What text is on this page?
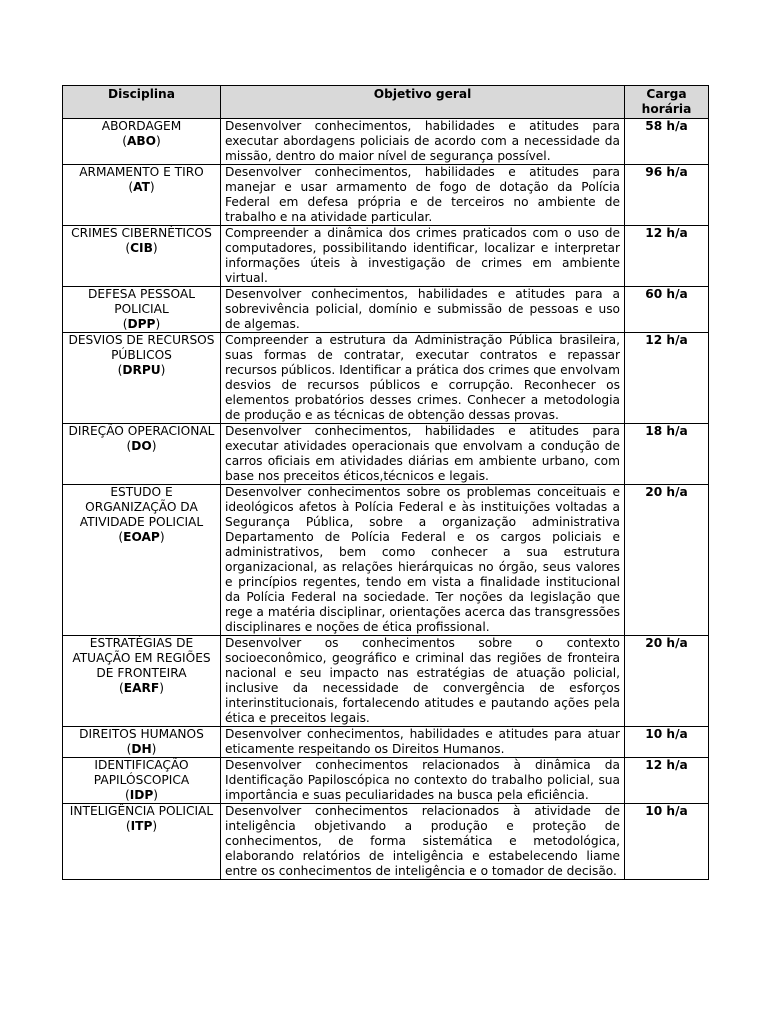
Disciplina	Objetivo geral	Carga horária

ABORDAGEM
(ABO)	Desenvolver conhecimentos, habilidades e atitudes para executar abordagens policiais de acordo com a necessidade da missão, dentro do maior nível de segurança possível.	58 h/a

ARMAMENTO E TIRO
(AT)	Desenvolver conhecimentos, habilidades e atitudes para manejar e usar armamento de fogo de dotação da Polícia Federal em defesa própria e de terceiros no ambiente de trabalho e na atividade particular.	96 h/a

CRIMES CIBERNÉTICOS
(CIB)	Compreender a dinâmica dos crimes praticados com o uso de computadores, possibilitando identificar, localizar e interpretar informações úteis à investigação de crimes em ambiente virtual.	12 h/a

DEFESA PESSOAL POLICIAL
(DPP)	Desenvolver conhecimentos, habilidades e atitudes para a sobrevivência policial, domínio e submissão de pessoas e uso de algemas.	60 h/a

DESVIOS DE RECURSOS PÚBLICOS
(DRPU)	Compreender a estrutura da Administração Pública brasileira, suas formas de contratar, executar contratos e repassar recursos públicos. Identificar a prática dos crimes que envolvam desvios de recursos públicos e corrupção. Reconhecer os elementos probatórios desses crimes. Conhecer a metodologia de produção e as técnicas de obtenção dessas provas.	12 h/a

DIREÇÃO OPERACIONAL
(DO)	Desenvolver conhecimentos, habilidades e atitudes para executar atividades operacionais que envolvam a condução de carros oficiais em atividades diárias em ambiente urbano, com base nos preceitos éticos,técnicos e legais.	18 h/a

ESTUDO E ORGANIZAÇÃO DA ATIVIDADE POLICIAL
(EOAP)	Desenvolver conhecimentos sobre os problemas conceituais e ideológicos afetos à Polícia Federal e às instituições voltadas a Segurança Pública, sobre a organização administrativa Departamento de Polícia Federal e os cargos policiais e administrativos, bem como conhecer a sua estrutura organizacional, as relações hierárquicas no órgão, seus valores e princípios regentes, tendo em vista a finalidade institucional da Polícia Federal na sociedade. Ter noções da legislação que rege a matéria disciplinar, orientações acerca das transgressões disciplinares e noções de ética profissional.	20 h/a

ESTRATÉGIAS DE ATUAÇÃO EM REGIÕES DE FRONTEIRA
(EARF)	Desenvolver os conhecimentos sobre o contexto socioeconômico, geográfico e criminal das regiões de fronteira nacional e seu impacto nas estratégias de atuação policial, inclusive da necessidade de convergência de esforços interinstitucionais, fortalecendo atitudes e pautando ações pela ética e preceitos legais.	20 h/a

DIREITOS HUMANOS
(DH)	Desenvolver conhecimentos, habilidades e atitudes para atuar eticamente respeitando os Direitos Humanos.	10 h/a

IDENTIFICAÇÃO PAPILÓSCOPICA
(IDP)	Desenvolver conhecimentos relacionados à dinâmica da Identificação Papiloscópica no contexto do trabalho policial, sua importância e suas peculiaridades na busca pela eficiência.	12 h/a

INTELIGÊNCIA POLICIAL
(ITP)	Desenvolver conhecimentos relacionados à atividade de inteligência objetivando a produção e proteção de conhecimentos, de forma sistemática e metodológica, elaborando relatórios de inteligência e estabelecendo liame entre os conhecimentos de inteligência e o tomador de decisão.	10 h/a
